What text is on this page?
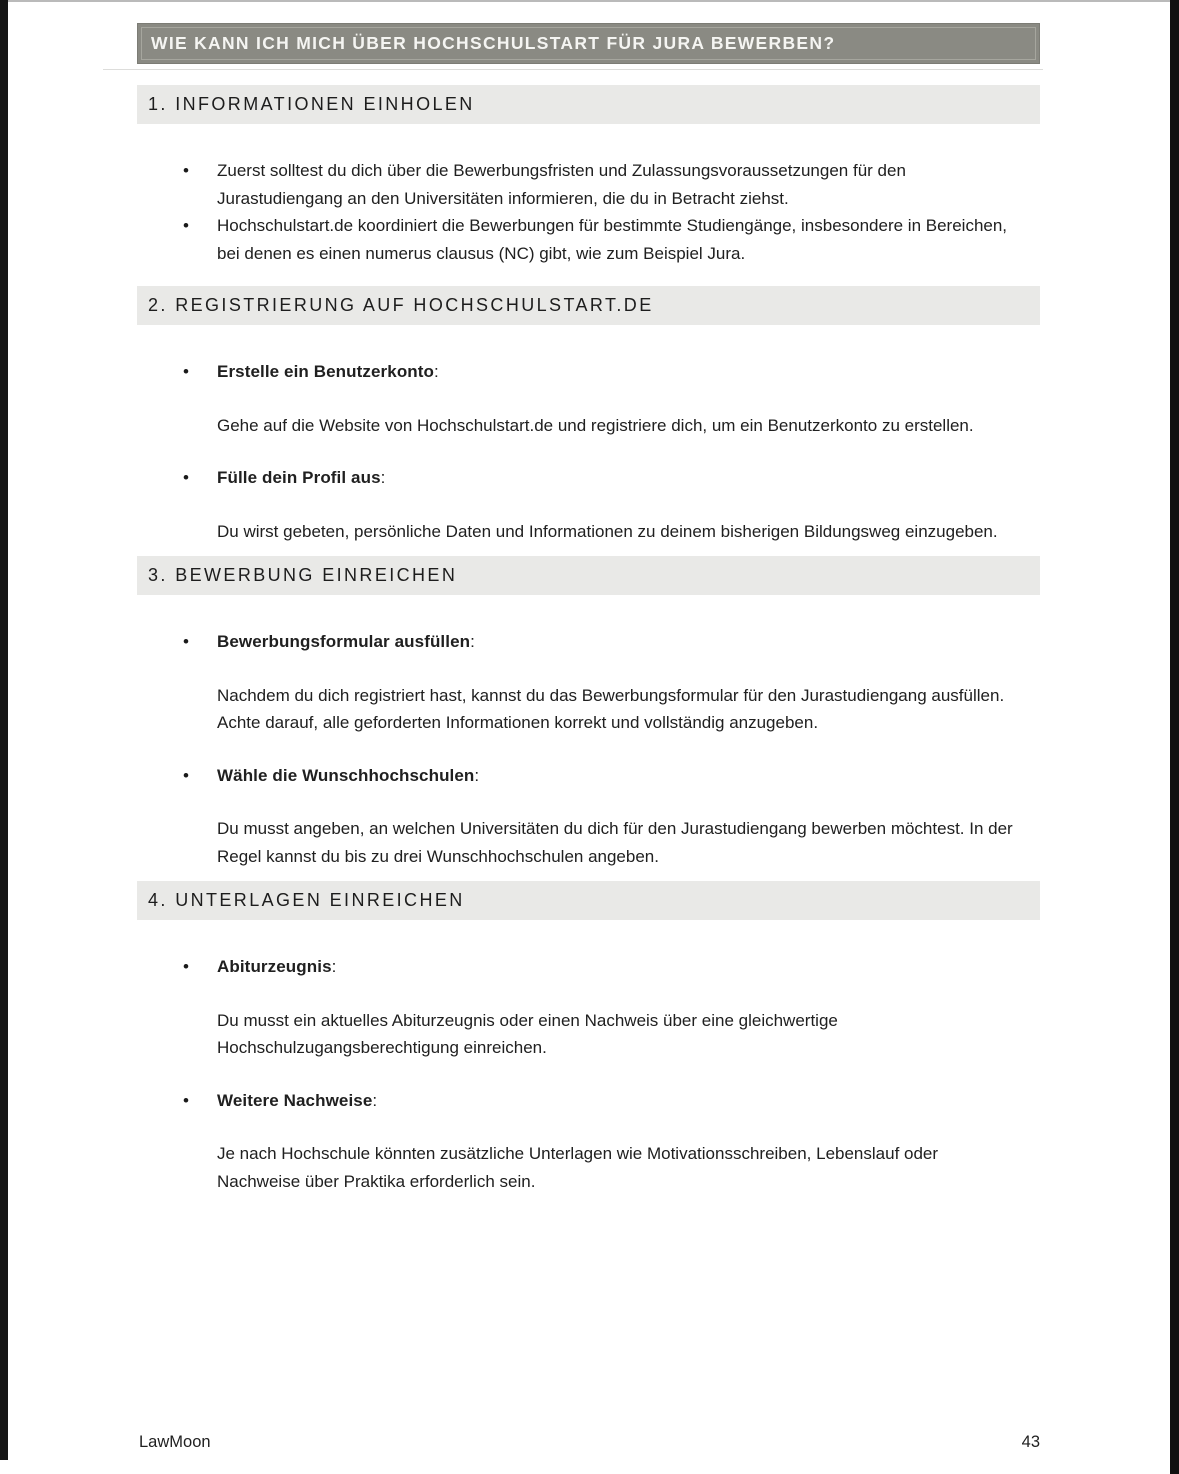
WIE KANN ICH MICH ÜBER HOCHSCHULSTART FÜR JURA BEWERBEN?
1. INFORMATIONEN EINHOLEN
• Zuerst solltest du dich über die Bewerbungsfristen und Zulassungsvoraussetzungen für den Jurastudiengang an den Universitäten informieren, die du in Betracht ziehst.
• Hochschulstart.de koordiniert die Bewerbungen für bestimmte Studiengänge, insbesondere in Bereichen, bei denen es einen numerus clausus (NC) gibt, wie zum Beispiel Jura.
2. REGISTRIERUNG AUF HOCHSCHULSTART.DE

• Erstelle ein Benutzerkonto:

Gehe auf die Website von Hochschulstart.de und registriere dich, um ein Benutzerkonto zu erstellen.

• Fülle dein Profil aus:

Du wirst gebeten, persönliche Daten und Informationen zu deinem bisherigen Bildungsweg einzugeben.

3. BEWERBUNG EINREICHEN

• Bewerbungsformular ausfüllen:

Nachdem du dich registriert hast, kannst du das Bewerbungsformular für den Jurastudiengang ausfüllen. Achte darauf, alle geforderten Informationen korrekt und vollständig anzugeben.

• Wähle die Wunschhochschulen:

Du musst angeben, an welchen Universitäten du dich für den Jurastudiengang bewerben möchtest. In der Regel kannst du bis zu drei Wunschhochschulen angeben.

4. UNTERLAGEN EINREICHEN

• Abiturzeugnis:

Du musst ein aktuelles Abiturzeugnis oder einen Nachweis über eine gleichwertige Hochschulzugangsberechtigung einreichen.

• Weitere Nachweise:

Je nach Hochschule könnten zusätzliche Unterlagen wie Motivationsschreiben, Lebenslauf oder Nachweise über Praktika erforderlich sein.

LawMoon	43
